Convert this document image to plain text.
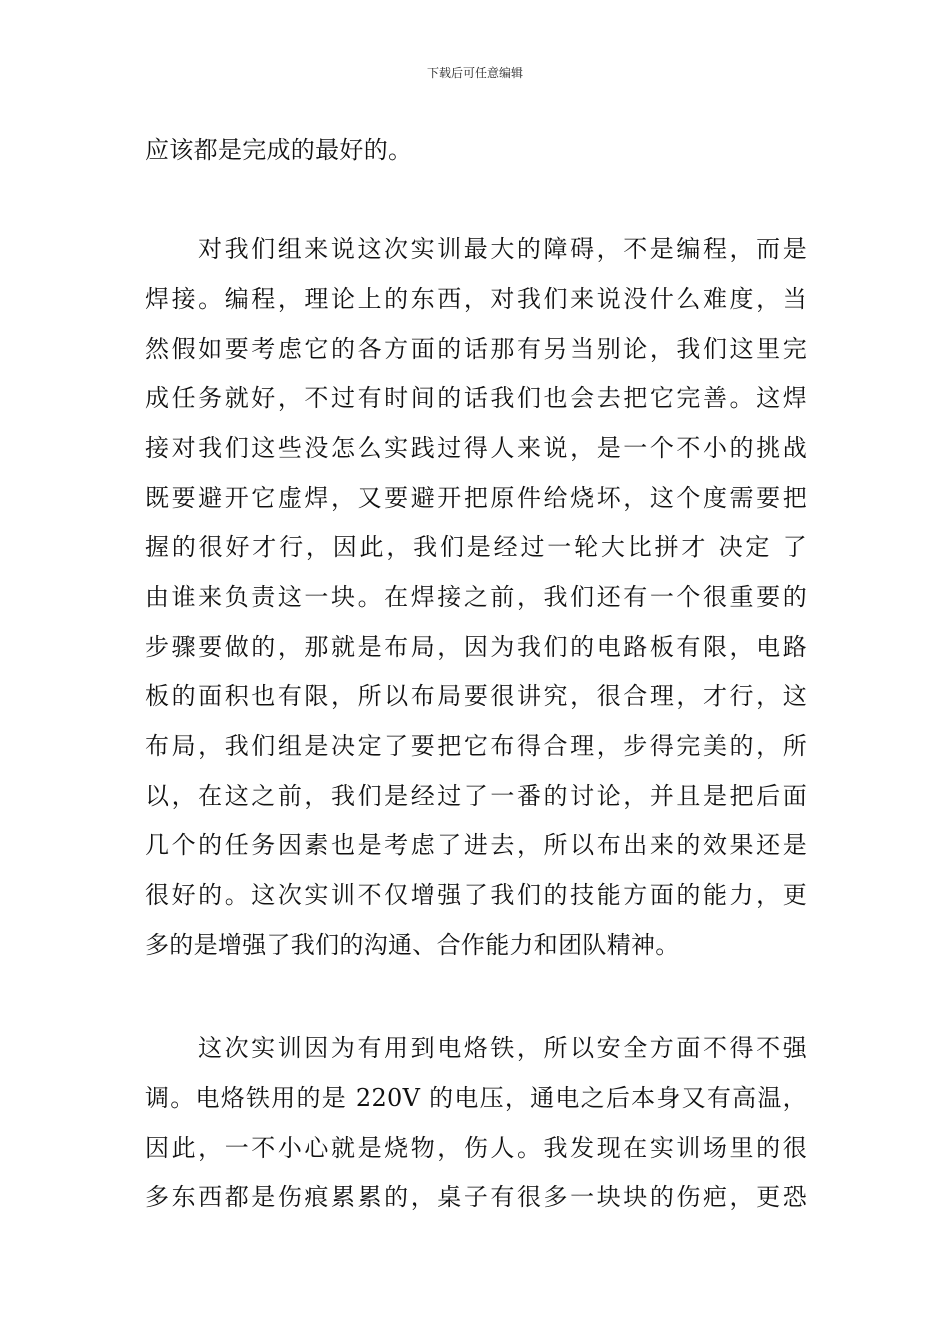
下载后可任意编辑
应该都是完成的最好的。
对我们组来说这次实训最大的障碍，不是编程，而是
焊接。编程，理论上的东西，对我们来说没什么难度，当
然假如要考虑它的各方面的话那有另当别论，我们这里完
成任务就好，不过有时间的话我们也会去把它完善。这焊
接对我们这些没怎么实践过得人来说，是一个不小的挑战
既要避开它虚焊，又要避开把原件给烧坏，这个度需要把
握的很好才行，因此，我们是经过一轮大比拼才 决定 了
由谁来负责这一块。在焊接之前，我们还有一个很重要的
步骤要做的，那就是布局，因为我们的电路板有限，电路
板的面积也有限，所以布局要很讲究，很合理，才行，这
布局，我们组是决定了要把它布得合理，步得完美的，所
以，在这之前，我们是经过了一番的讨论，并且是把后面
几个的任务因素也是考虑了进去，所以布出来的效果还是
很好的。这次实训不仅增强了我们的技能方面的能力，更
多的是增强了我们的沟通、合作能力和团队精神。
这次实训因为有用到电烙铁，所以安全方面不得不强
调。电烙铁用的是 220V 的电压，通电之后本身又有高温，
因此，一不小心就是烧物，伤人。我发现在实训场里的很
多东西都是伤痕累累的，桌子有很多一块块的伤疤，更恐
